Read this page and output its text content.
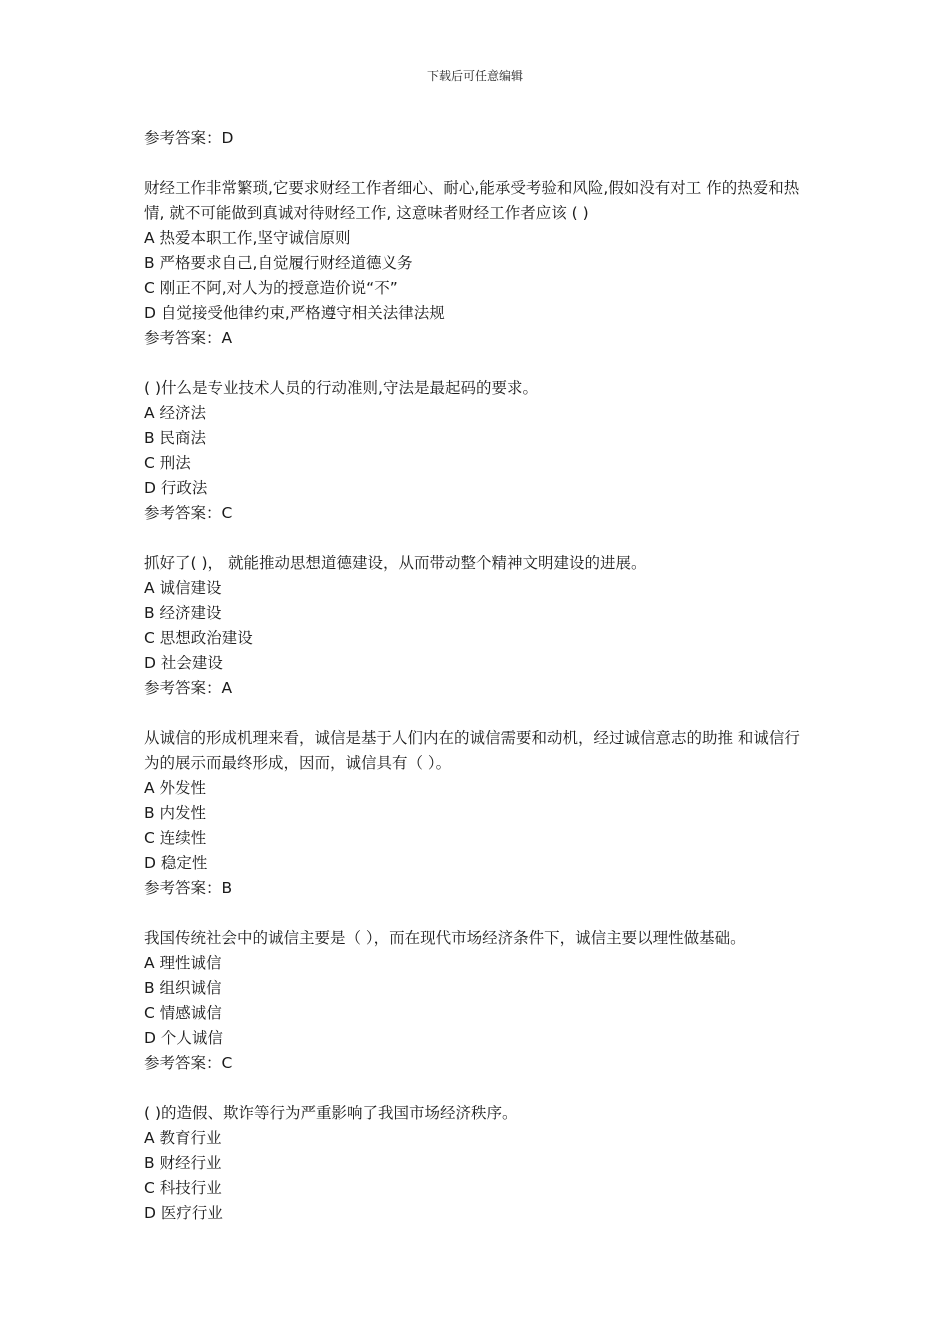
下载后可任意编辑
参考答案：D
财经工作非常繁琐,它要求财经工作者细心、耐心,能承受考验和风险,假如没有对工 作的热爱和热情, 就不可能做到真诚对待财经工作, 这意味者财经工作者应该 ( )
A 热爱本职工作,坚守诚信原则
B 严格要求自己,自觉履行财经道德义务
C 刚正不阿,对人为的授意造价说“不”
D 自觉接受他律约束,严格遵守相关法律法规
参考答案：A
( )什么是专业技术人员的行动准则,守法是最起码的要求。
A 经济法
B 民商法
C 刑法
D 行政法
参考答案：C
抓好了( )， 就能推动思想道德建设，从而带动整个精神文明建设的进展。
A 诚信建设
B 经济建设
C 思想政治建设
D 社会建设
参考答案：A
从诚信的形成机理来看，诚信是基于人们内在的诚信需要和动机，经过诚信意志的助推 和诚信行为的展示而最终形成，因而，诚信具有（ ）。
A 外发性
B 内发性
C 连续性
D 稳定性
参考答案：B
我国传统社会中的诚信主要是（ ），而在现代市场经济条件下，诚信主要以理性做基础。
A 理性诚信
B 组织诚信
C 情感诚信
D 个人诚信
参考答案：C
( )的造假、欺诈等行为严重影响了我国市场经济秩序。
A 教育行业
B 财经行业
C 科技行业
D 医疗行业
